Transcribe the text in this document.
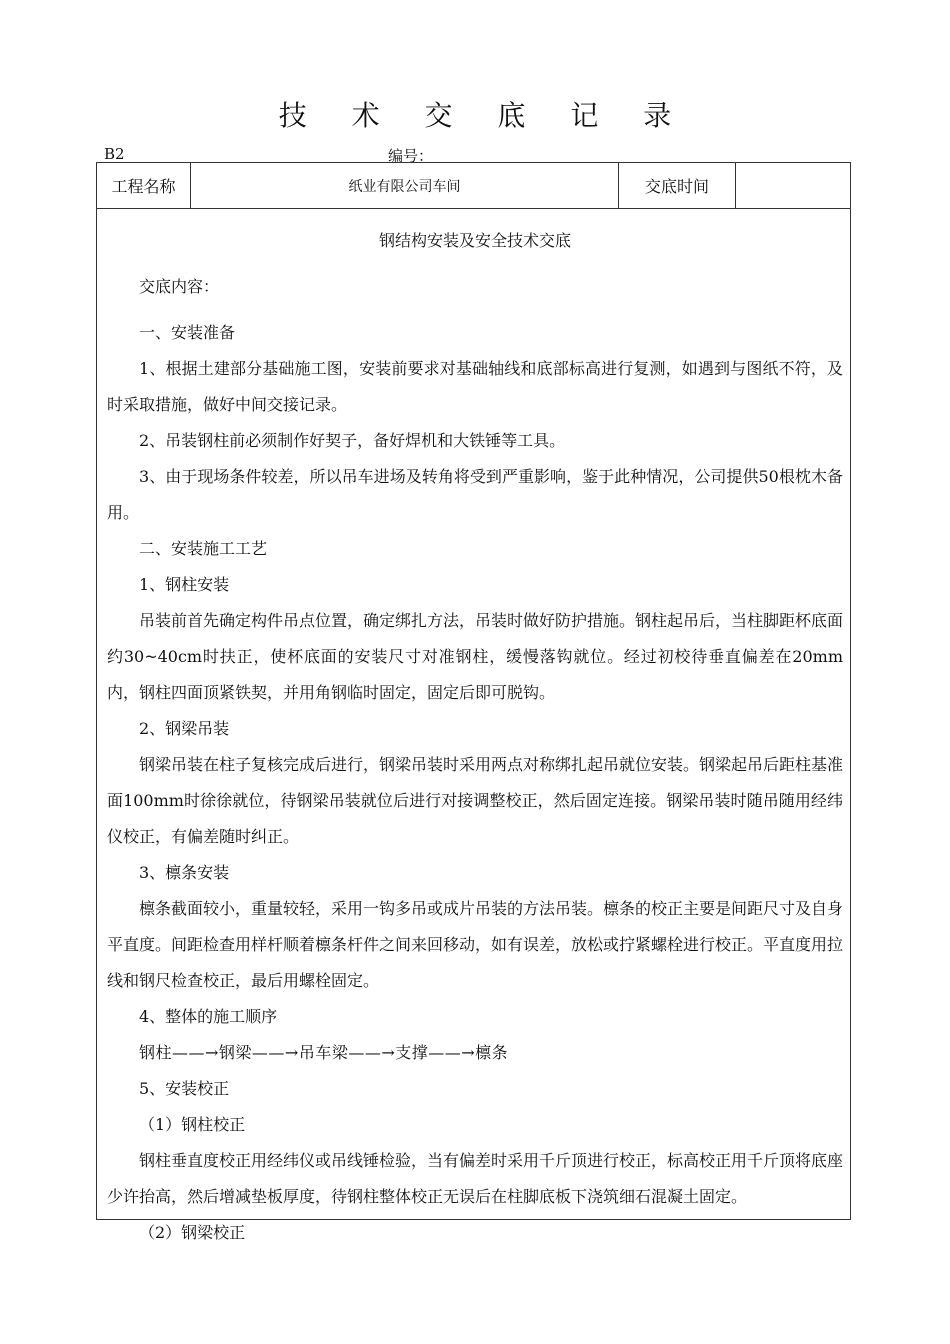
技 术 交 底 记 录
B2	编号：
工程名称	纸业有限公司车间	交底时间
钢结构安装及安全技术交底
交底内容：
一、安装准备

1、根据土建部分基础施工图，安装前要求对基础轴线和底部标高进行复测，如遇到与图纸不符，及时采取措施，做好中间交接记录。

2、吊装钢柱前必须制作好契子，备好焊机和大铁锤等工具。

3、由于现场条件较差，所以吊车进场及转角将受到严重影响，鉴于此种情况，公司提供50根枕木备用。

二、安装施工工艺
1、钢柱安装

吊装前首先确定构件吊点位置，确定绑扎方法，吊装时做好防护措施。钢柱起吊后，当柱脚距杯底面约30~40cm时扶正，使杯底面的安装尺寸对准钢柱，缓慢落钩就位。经过初校待垂直偏差在20mm内，钢柱四面顶紧铁契，并用角钢临时固定，固定后即可脱钩。

2、钢梁吊装

钢梁吊装在柱子复核完成后进行，钢梁吊装时采用两点对称绑扎起吊就位安装。钢梁起吊后距柱基准面100mm时徐徐就位，待钢梁吊装就位后进行对接调整校正，然后固定连接。钢梁吊装时随吊随用经纬仪校正，有偏差随时纠正。

3、檩条安装

檩条截面较小，重量较轻，采用一钩多吊或成片吊装的方法吊装。檩条的校正主要是间距尺寸及自身平直度。间距检查用样杆顺着檩条杆件之间来回移动，如有误差，放松或拧紧螺栓进行校正。平直度用拉线和钢尺检查校正，最后用螺栓固定。

4、整体的施工顺序
钢柱——→钢梁——→吊车梁——→支撑——→檩条
5、安装校正
（1）钢柱校正

钢柱垂直度校正用经纬仪或吊线锤检验，当有偏差时采用千斤顶进行校正，标高校正用千斤顶将底座少许抬高，然后增减垫板厚度，待钢柱整体校正无误后在柱脚底板下浇筑细石混凝土固定。

（2）钢梁校正
